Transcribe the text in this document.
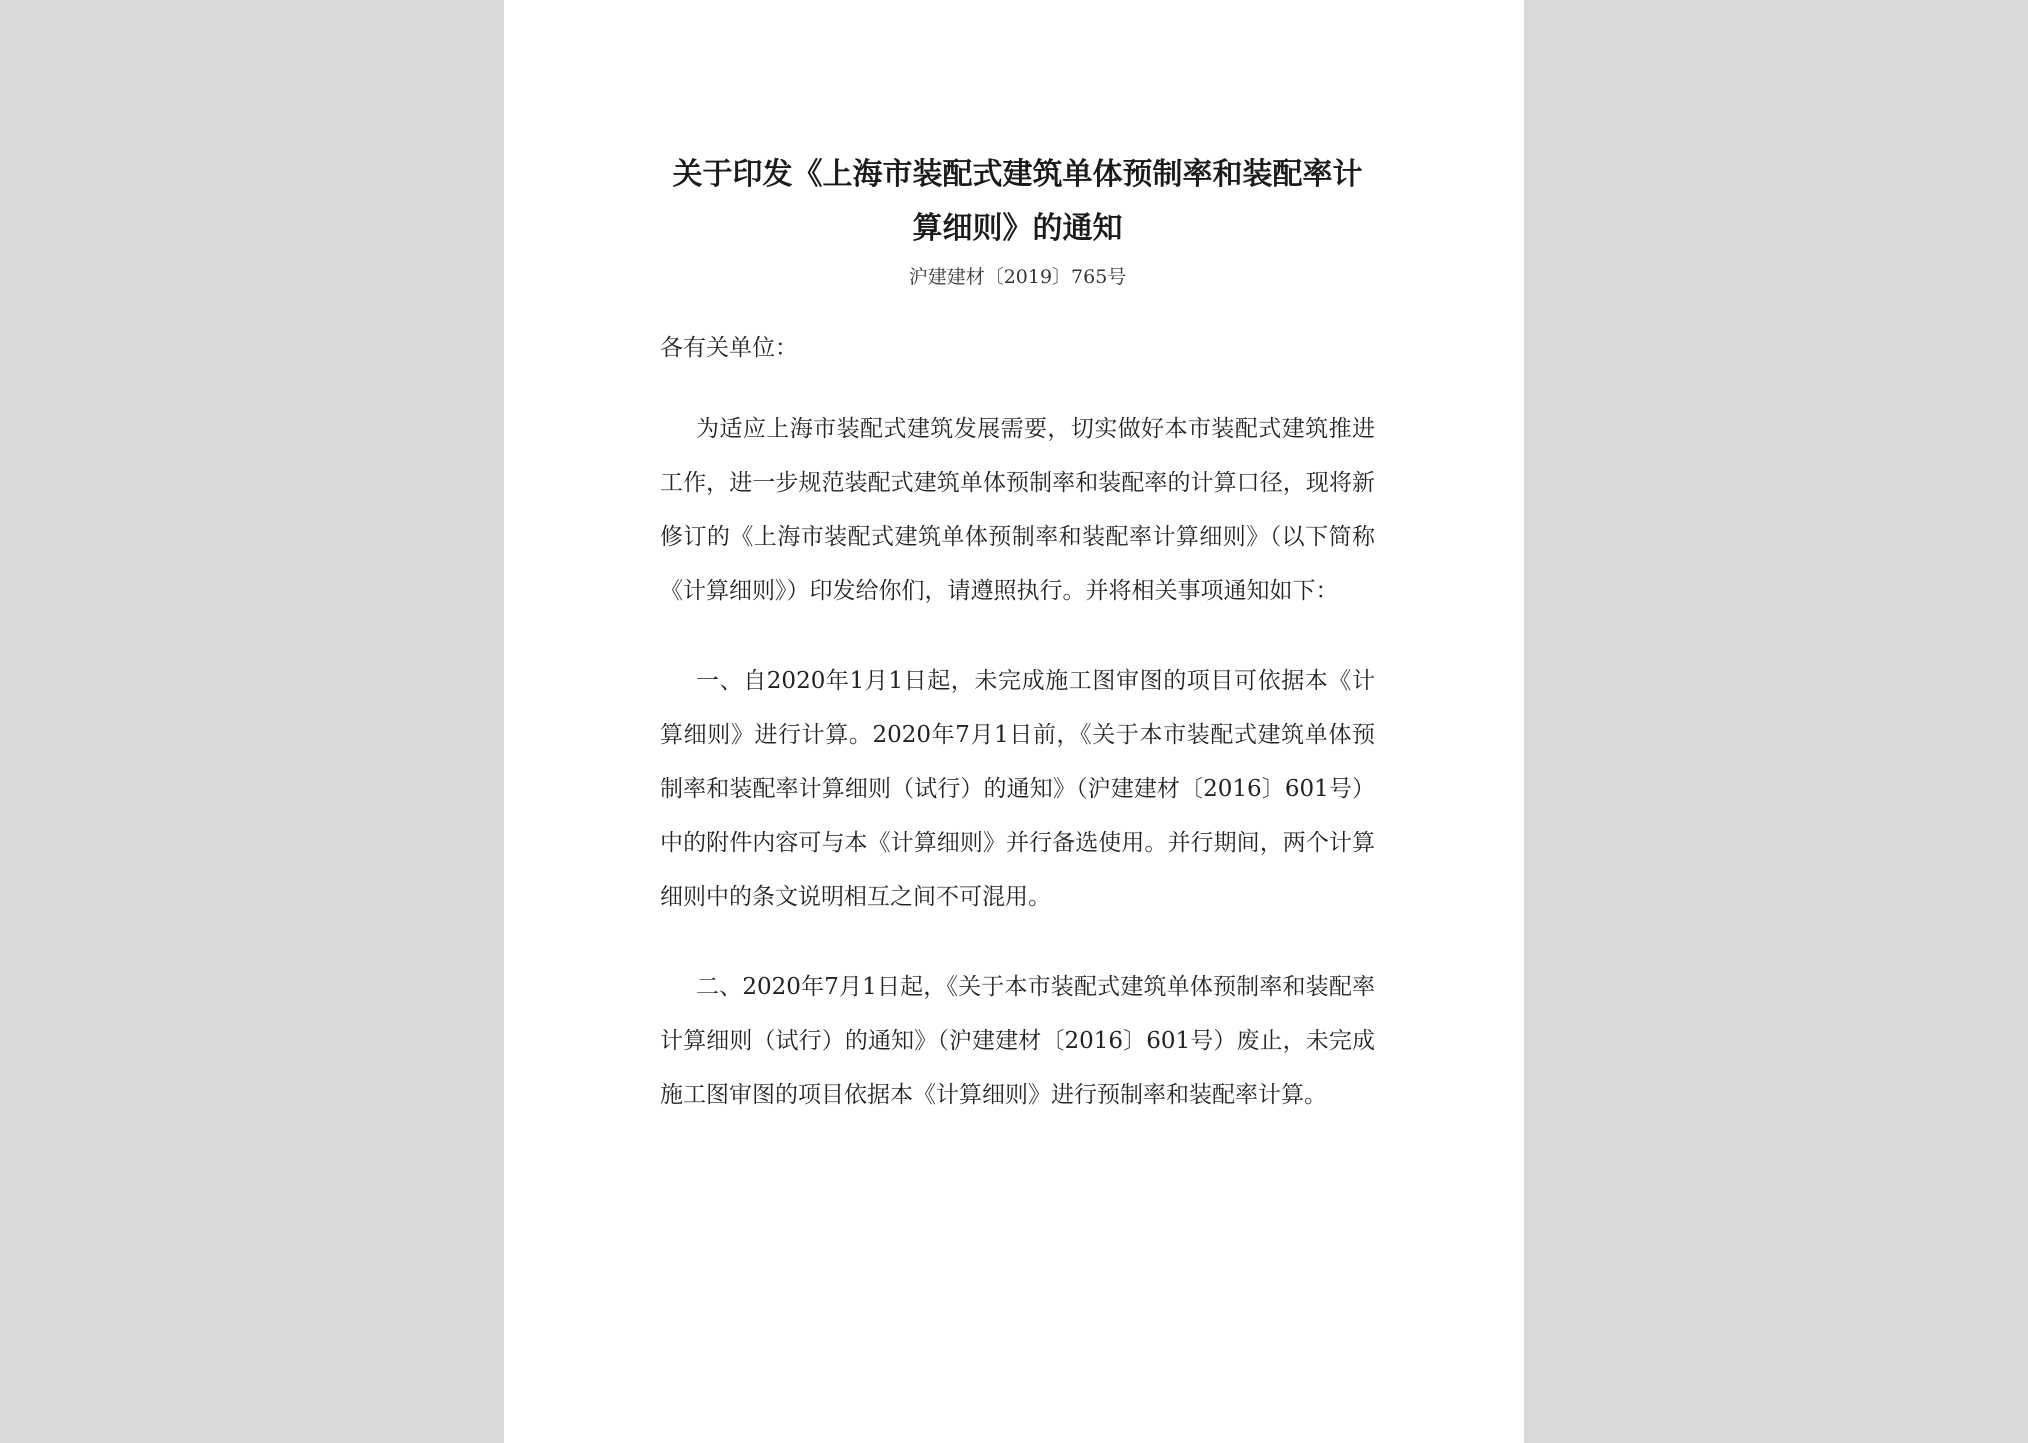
关于印发《上海市装配式建筑单体预制率和装配率计算细则》的通知

沪建建材〔2019〕765号

各有关单位：

为适应上海市装配式建筑发展需要，切实做好本市装配式建筑推进工作，进一步规范装配式建筑单体预制率和装配率的计算口径，现将新修订的《上海市装配式建筑单体预制率和装配率计算细则》（以下简称《计算细则》）印发给你们，请遵照执行。并将相关事项通知如下：

一、自2020年1月1日起，未完成施工图审图的项目可依据本《计算细则》进行计算。2020年7月1日前，《关于本市装配式建筑单体预制率和装配率计算细则（试行）的通知》（沪建建材〔2016〕601号）中的附件内容可与本《计算细则》并行备选使用。并行期间，两个计算细则中的条文说明相互之间不可混用。

二、2020年7月1日起，《关于本市装配式建筑单体预制率和装配率计算细则（试行）的通知》（沪建建材〔2016〕601号）废止，未完成施工图审图的项目依据本《计算细则》进行预制率和装配率计算。
